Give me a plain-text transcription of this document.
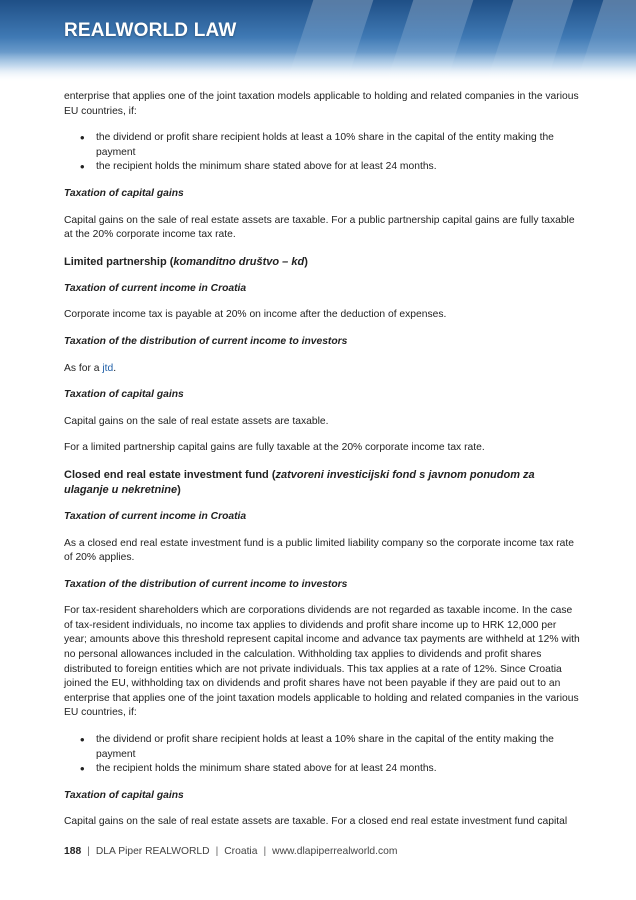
REALWORLD LAW

enterprise that applies one of the joint taxation models applicable to holding and related companies in the various EU countries, if:

• the dividend or profit share recipient holds at least a 10% share in the capital of the entity making the payment
• the recipient holds the minimum share stated above for at least 24 months.
Taxation of capital gains

Capital gains on the sale of real estate assets are taxable. For a public partnership capital gains are fully taxable at the 20% corporate income tax rate.

Limited partnership (komanditno društvo – kd)
Taxation of current income in Croatia

Corporate income tax is payable at 20% on income after the deduction of expenses.

Taxation of the distribution of current income to investors

As for a jtd.

Taxation of capital gains

Capital gains on the sale of real estate assets are taxable.

For a limited partnership capital gains are fully taxable at the 20% corporate income tax rate.

Closed end real estate investment fund (zatvoreni investicijski fond s javnom ponudom za ulaganje u nekretnine)
Taxation of current income in Croatia

As a closed end real estate investment fund is a public limited liability company so the corporate income tax rate of 20% applies.

Taxation of the distribution of current income to investors

For tax-resident shareholders which are corporations dividends are not regarded as taxable income. In the case of tax-resident individuals, no income tax applies to dividends and profit share income up to HRK 12,000 per year; amounts above this threshold represent capital income and advance tax payments are withheld at 12% with no personal allowances included in the calculation. Withholding tax applies to dividends and profit shares distributed to foreign entities which are not private individuals. This tax applies at a rate of 12%. Since Croatia joined the EU, withholding tax on dividends and profit shares have not been payable if they are paid out to an enterprise that applies one of the joint taxation models applicable to holding and related companies in the various EU countries, if:

• the dividend or profit share recipient holds at least a 10% share in the capital of the entity making the payment
• the recipient holds the minimum share stated above for at least 24 months.
Taxation of capital gains

Capital gains on the sale of real estate assets are taxable. For a closed end real estate investment fund capital

188 | DLA Piper REALWORLD | Croatia | www.dlapiperrealworld.com
